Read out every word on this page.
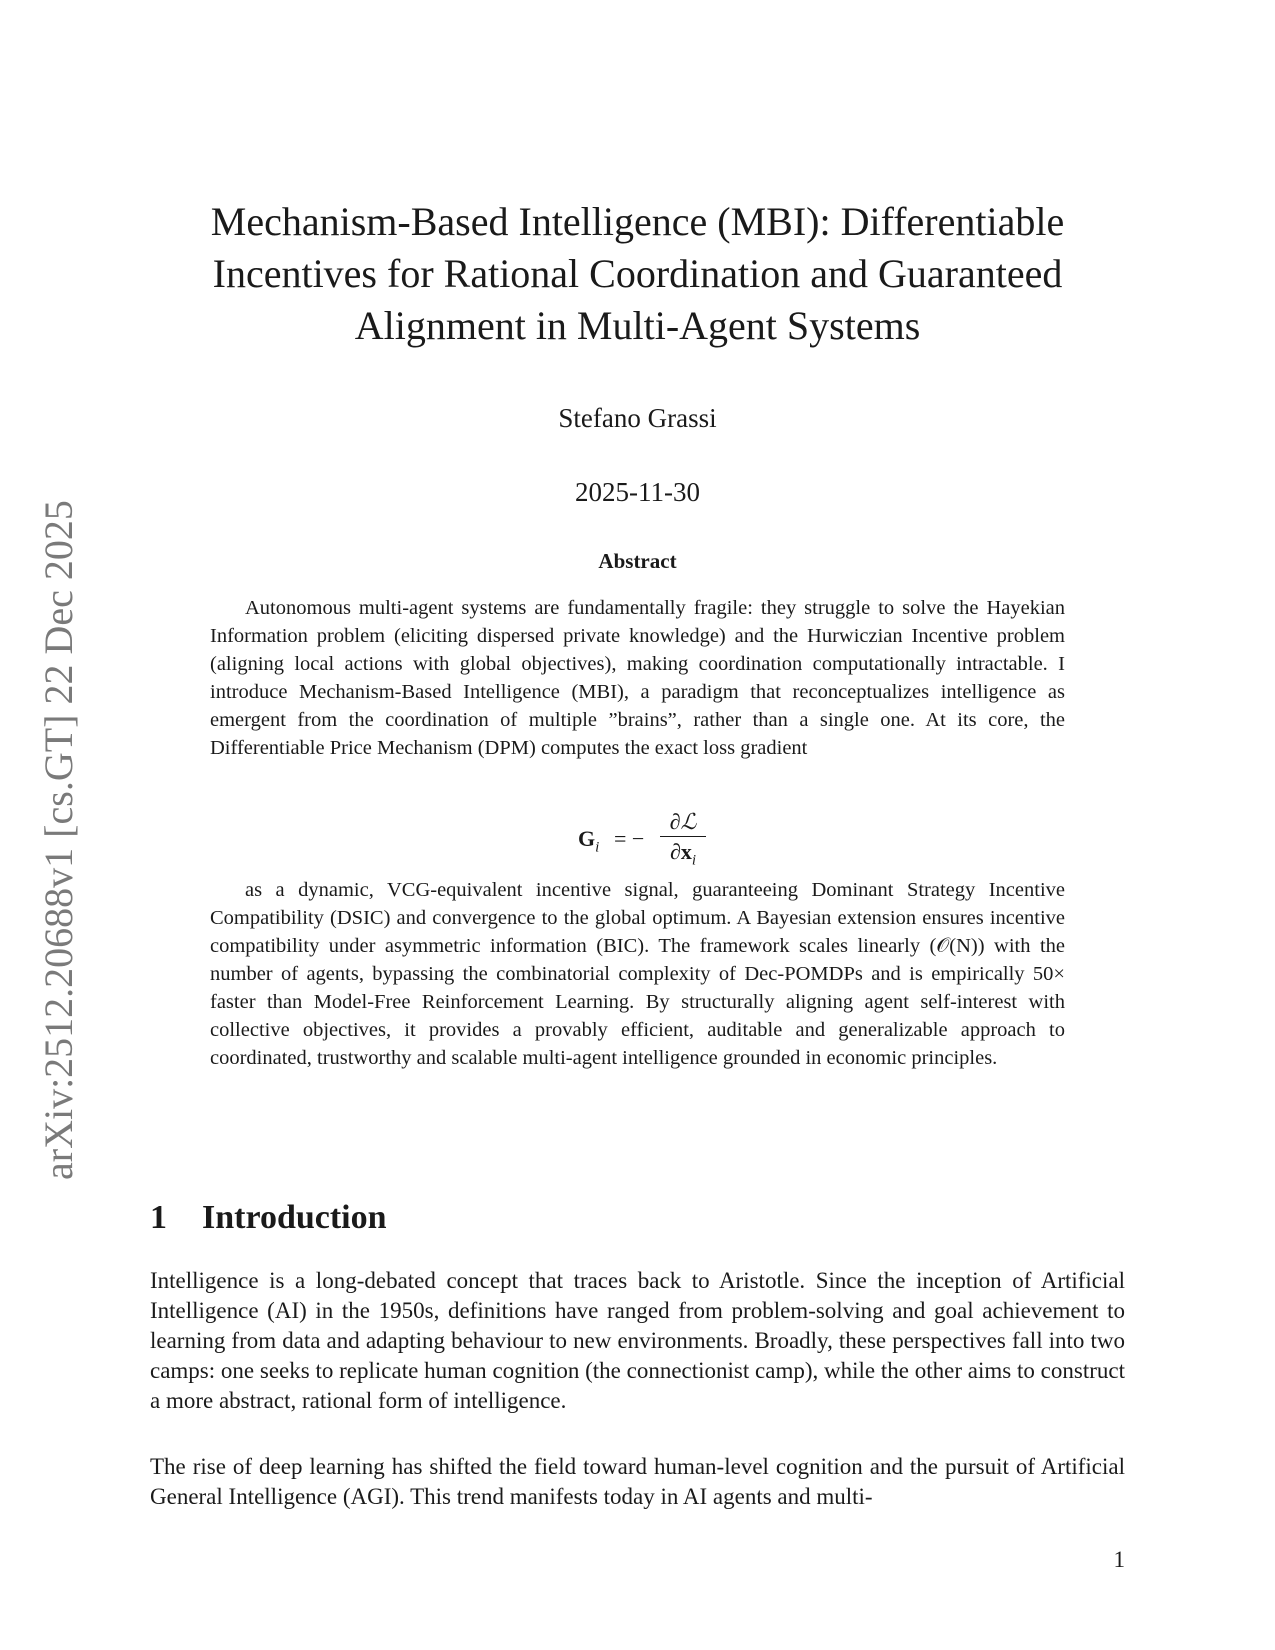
arXiv:2512.20688v1 [cs.GT] 22 Dec 2025
Mechanism-Based Intelligence (MBI): Differentiable Incentives for Rational Coordination and Guaranteed Alignment in Multi-Agent Systems
Stefano Grassi
2025-11-30
Abstract

Autonomous multi-agent systems are fundamentally fragile: they struggle to solve the Hayekian Information problem (eliciting dispersed private knowledge) and the Hurwiczian Incentive problem (aligning local actions with global objectives), making coordination computationally intractable. I introduce Mechanism-Based Intelligence (MBI), a paradigm that reconceptualizes intelligence as emergent from the coordination of multiple ”brains”, rather than a single one. At its core, the Differentiable Price Mechanism (DPM) computes the exact loss gradient

$G_i$ = −
∂ℒ
$\partial x_i$

as a dynamic, VCG-equivalent incentive signal, guaranteeing Dominant Strategy Incentive Compatibility (DSIC) and convergence to the global optimum. A Bayesian extension ensures incentive compatibility under asymmetric information (BIC). The framework scales linearly (𝒪(N)) with the number of agents, bypassing the combinatorial complexity of Dec-POMDPs and is empirically 50× faster than Model-Free Reinforcement Learning. By structurally aligning agent self-interest with collective objectives, it provides a provably efficient, auditable and generalizable approach to coordinated, trustworthy and scalable multi-agent intelligence grounded in economic principles.

1 Introduction

Intelligence is a long-debated concept that traces back to Aristotle. Since the inception of Artificial Intelligence (AI) in the 1950s, definitions have ranged from problem-solving and goal achievement to learning from data and adapting behaviour to new environments. Broadly, these perspectives fall into two camps: one seeks to replicate human cognition (the connectionist camp), while the other aims to construct a more abstract, rational form of intelligence.

The rise of deep learning has shifted the field toward human-level cognition and the pursuit of Artificial General Intelligence (AGI). This trend manifests today in AI agents and multi-

1
